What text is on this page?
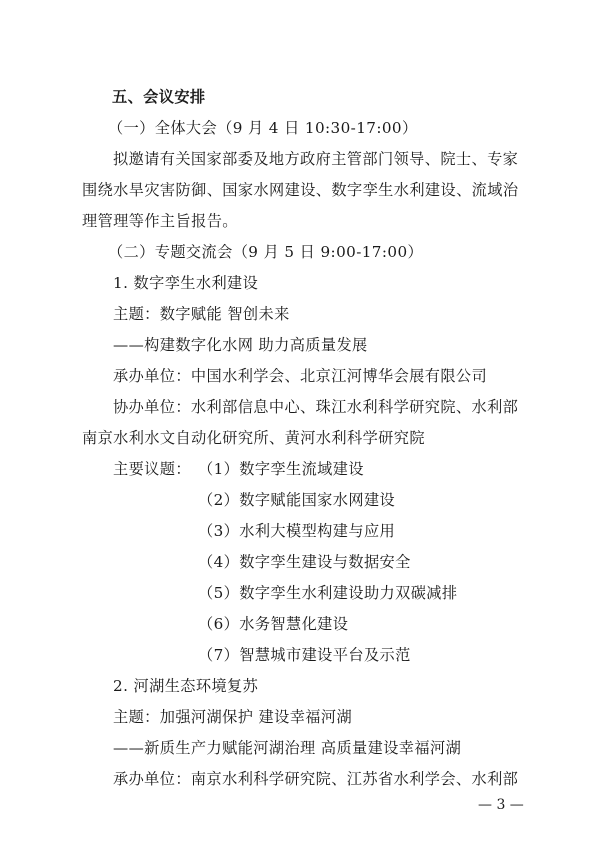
五、会议安排
（一）全体大会（9 月 4 日 10:30-17:00）
拟邀请有关国家部委及地方政府主管部门领导、院士、专家
围绕水旱灾害防御、国家水网建设、数字孪生水利建设、流域治
理管理等作主旨报告。
（二）专题交流会（9 月 5 日 9:00-17:00）
1. 数字孪生水利建设
主题：数字赋能 智创未来
——构建数字化水网 助力高质量发展
承办单位：中国水利学会、北京江河博华会展有限公司
协办单位：水利部信息中心、珠江水利科学研究院、水利部
南京水利水文自动化研究所、黄河水利科学研究院
主要议题： （1）数字孪生流域建设
（2）数字赋能国家水网建设
（3）水利大模型构建与应用
（4）数字孪生建设与数据安全
（5）数字孪生水利建设助力双碳减排
（6）水务智慧化建设
（7）智慧城市建设平台及示范
2. 河湖生态环境复苏
主题：加强河湖保护 建设幸福河湖
——新质生产力赋能河湖治理 高质量建设幸福河湖
承办单位：南京水利科学研究院、江苏省水利学会、水利部
— 3 —
